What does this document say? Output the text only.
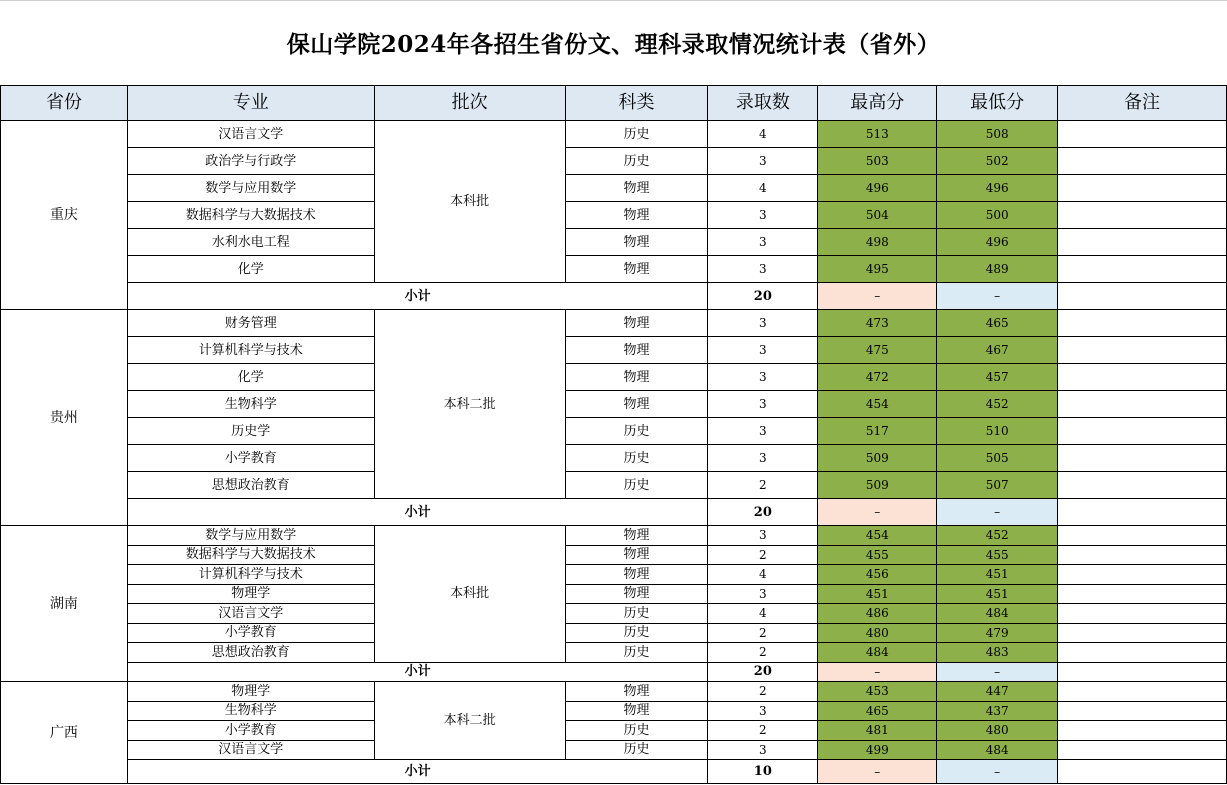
保山学院2024年各招生省份文、理科录取情况统计表（省外）
省份	专业	批次	科类	录取数	最高分	最低分	备注
重庆	汉语言文学	本科批	历史	4	513	508	
	政治学与行政学		历史	3	503	502	
	数学与应用数学		物理	4	496	496	
	数据科学与大数据技术		物理	3	504	500	
	水利水电工程		物理	3	498	496	
	化学		物理	3	495	489	
	小计			20	–	–	
贵州	财务管理	本科二批	物理	3	473	465	
	计算机科学与技术		物理	3	475	467	
	化学		物理	3	472	457	
	生物科学		物理	3	454	452	
	历史学		历史	3	517	510	
	小学教育		历史	3	509	505	
	思想政治教育		历史	2	509	507	
	小计			20	–	–	
湖南	数学与应用数学	本科批	物理	3	454	452	
	数据科学与大数据技术		物理	2	455	455	
	计算机科学与技术		物理	4	456	451	
	物理学		物理	3	451	451	
	汉语言文学		历史	4	486	484	
	小学教育		历史	2	480	479	
	思想政治教育		历史	2	484	483	
	小计			20	–	–	
广西	物理学	本科二批	物理	2	453	447	
	生物科学		物理	3	465	437	
	小学教育		历史	2	481	480	
	汉语言文学		历史	3	499	484	
	小计			10	–	–	
